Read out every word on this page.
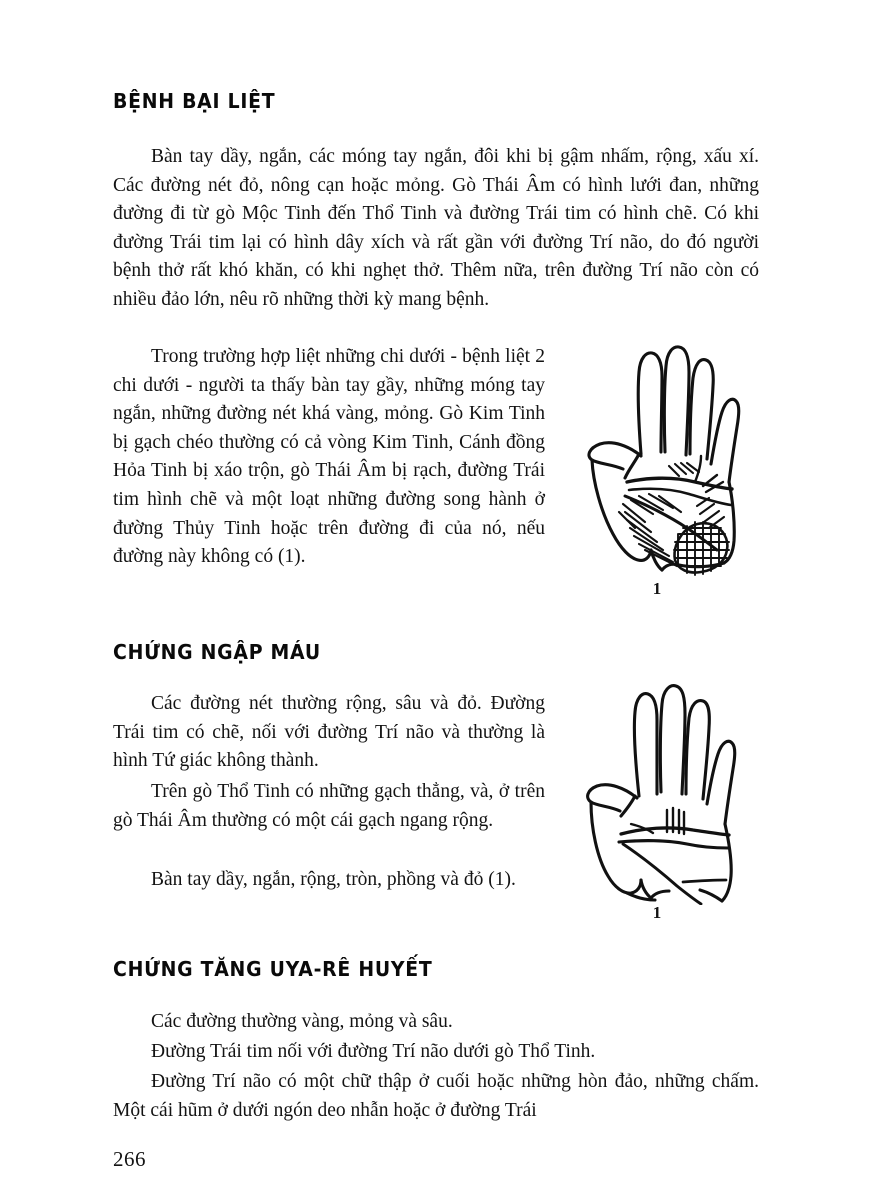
BỆNH BẠI LIỆT
Bàn tay dầy, ngắn, các móng tay ngắn, đôi khi bị gậm nhấm, rộng, xấu xí. Các đường nét đỏ, nông cạn hoặc mỏng. Gò Thái Âm có hình lưới đan, những đường đi từ gò Mộc Tinh đến Thổ Tinh và đường Trái tim có hình chẽ. Có khi đường Trái tim lại có hình dây xích và rất gần với đường Trí não, do đó người bệnh thở rất khó khăn, có khi nghẹt thở. Thêm nữa, trên đường Trí não còn có nhiều đảo lớn, nêu rõ những thời kỳ mang bệnh.
Trong trường hợp liệt những chi dưới - bệnh liệt 2 chi dưới - người ta thấy bàn tay gầy, những móng tay ngắn, những đường nét khá vàng, mỏng. Gò Kim Tinh bị gạch chéo thường có cả vòng Kim Tinh, Cánh đồng Hỏa Tinh bị xáo trộn, gò Thái Âm bị rạch, đường Trái tim hình chẽ và một loạt những đường song hành ở đường Thủy Tinh hoặc trên đường đi của nó, nếu đường này không có (1).
1
CHỨNG NGẬP MÁU
Các đường nét thường rộng, sâu và đỏ. Đường Trái tim có chẽ, nối với đường Trí não và thường là hình Tứ giác không thành.
Trên gò Thổ Tinh có những gạch thẳng, và, ở trên gò Thái Âm thường có một cái gạch ngang rộng.
Bàn tay dầy, ngắn, rộng, tròn, phồng và đỏ (1).
1
CHỨNG TĂNG UYA-RÊ HUYẾT
Các đường thường vàng, mỏng và sâu.
Đường Trái tim nối với đường Trí não dưới gò Thổ Tinh.
Đường Trí não có một chữ thập ở cuối hoặc những hòn đảo, những chấm. Một cái hũm ở dưới ngón deo nhẫn hoặc ở đường Trái
266
